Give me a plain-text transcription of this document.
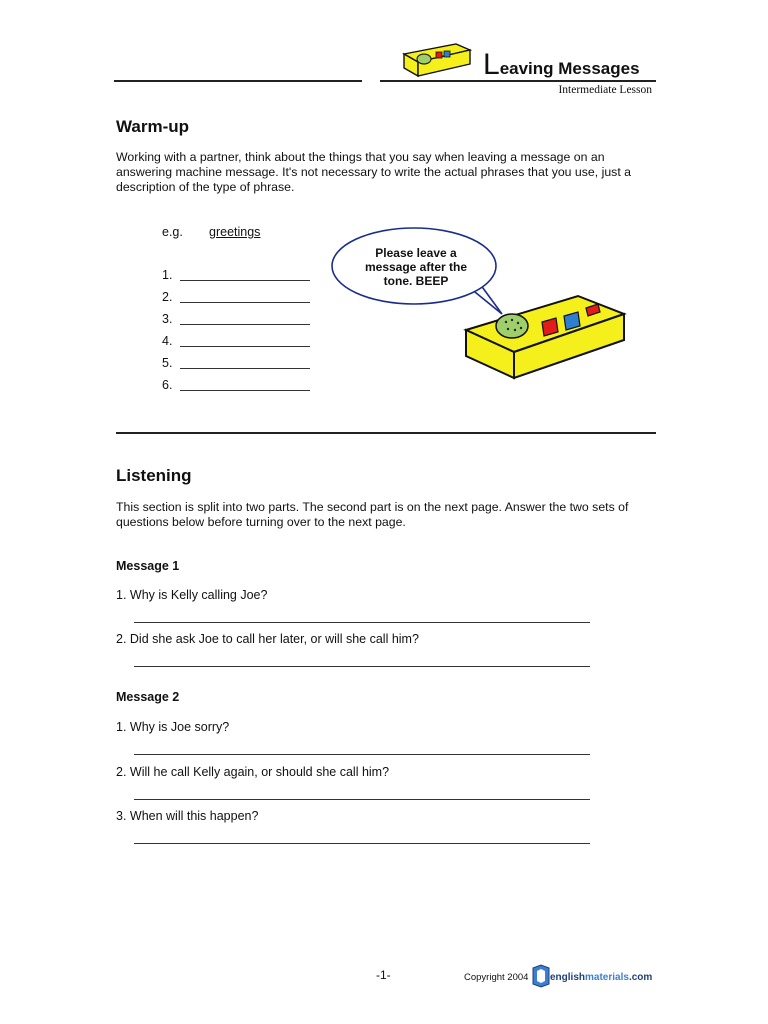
Leaving Messages
Intermediate Lesson
Warm-up
Working with a partner, think about the things that you say when leaving a message on an answering machine message. It's not necessary to write the actual phrases that you use, just a description of the type of phrase.
e.g. greetings
1.
2.
3.
4.
5.
6.
Please leave a message after the tone. BEEP
Listening
This section is split into two parts. The second part is on the next page. Answer the two sets of questions below before turning over to the next page.
Message 1
1. Why is Kelly calling Joe?
2. Did she ask Joe to call her later, or will she call him?
Message 2
1. Why is Joe sorry?
2. Will he call Kelly again, or should she call him?
3. When will this happen?
-1-	Copyright 2004 englishmaterials.com
